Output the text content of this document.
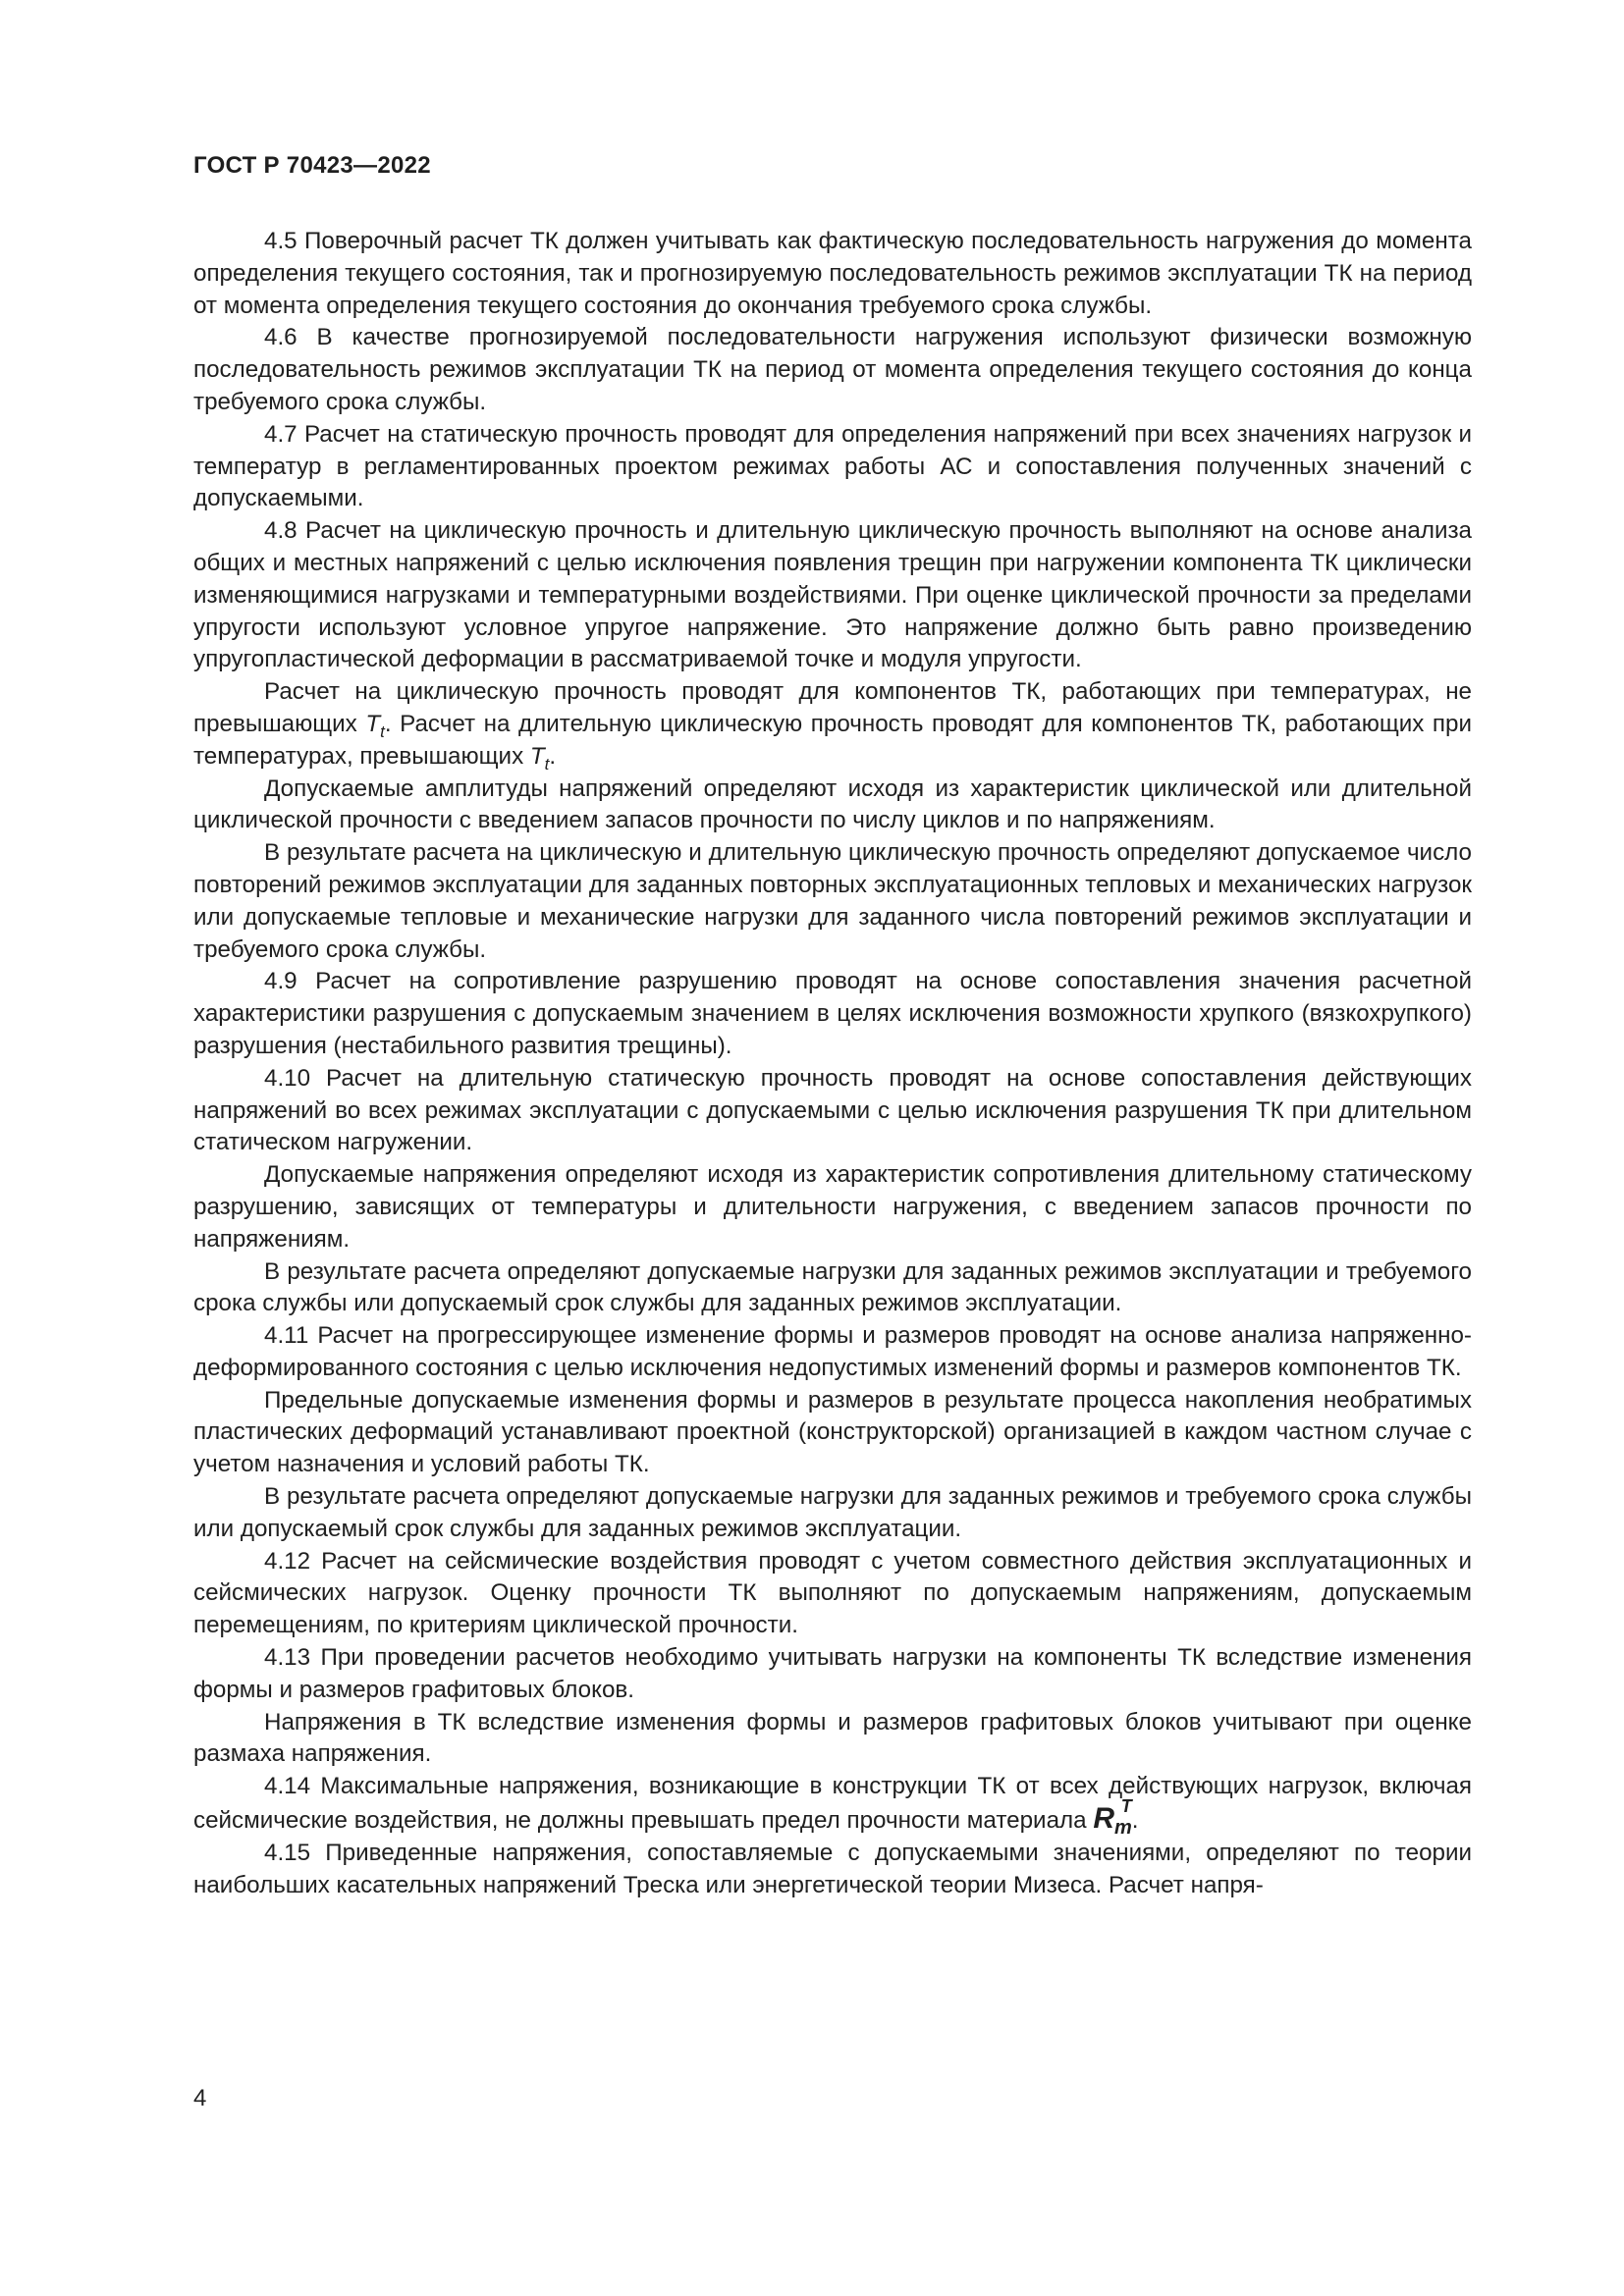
ГОСТ Р 70423—2022

4.5 Поверочный расчет ТК должен учитывать как фактическую последовательность нагружения до момента определения текущего состояния, так и прогнозируемую последовательность режимов эксплуатации ТК на период от момента определения текущего состояния до окончания требуемого срока службы.

4.6 В качестве прогнозируемой последовательности нагружения используют физически возможную последовательность режимов эксплуатации ТК на период от момента определения текущего состояния до конца требуемого срока службы.

4.7 Расчет на статическую прочность проводят для определения напряжений при всех значениях нагрузок и температур в регламентированных проектом режимах работы АС и сопоставления полученных значений с допускаемыми.

4.8 Расчет на циклическую прочность и длительную циклическую прочность выполняют на основе анализа общих и местных напряжений с целью исключения появления трещин при нагружении компонента ТК циклически изменяющимися нагрузками и температурными воздействиями. При оценке циклической прочности за пределами упругости используют условное упругое напряжение. Это напряжение должно быть равно произведению упругопластической деформации в рассматриваемой точке и модуля упругости.

Расчет на циклическую прочность проводят для компонентов ТК, работающих при температурах, не превышающих $T_t$. Расчет на длительную циклическую прочность проводят для компонентов ТК, работающих при температурах, превышающих $T_t$.

Допускаемые амплитуды напряжений определяют исходя из характеристик циклической или длительной циклической прочности с введением запасов прочности по числу циклов и по напряжениям.

В результате расчета на циклическую и длительную циклическую прочность определяют допускаемое число повторений режимов эксплуатации для заданных повторных эксплуатационных тепловых и механических нагрузок или допускаемые тепловые и механические нагрузки для заданного числа повторений режимов эксплуатации и требуемого срока службы.

4.9 Расчет на сопротивление разрушению проводят на основе сопоставления значения расчетной характеристики разрушения с допускаемым значением в целях исключения возможности хрупкого (вязкохрупкого) разрушения (нестабильного развития трещины).

4.10 Расчет на длительную статическую прочность проводят на основе сопоставления действующих напряжений во всех режимах эксплуатации с допускаемыми с целью исключения разрушения ТК при длительном статическом нагружении.

Допускаемые напряжения определяют исходя из характеристик сопротивления длительному статическому разрушению, зависящих от температуры и длительности нагружения, с введением запасов прочности по напряжениям.

В результате расчета определяют допускаемые нагрузки для заданных режимов эксплуатации и требуемого срока службы или допускаемый срок службы для заданных режимов эксплуатации.

4.11 Расчет на прогрессирующее изменение формы и размеров проводят на основе анализа напряженно-деформированного состояния с целью исключения недопустимых изменений формы и размеров компонентов ТК.

Предельные допускаемые изменения формы и размеров в результате процесса накопления необратимых пластических деформаций устанавливают проектной (конструкторской) организацией в каждом частном случае с учетом назначения и условий работы ТК.

В результате расчета определяют допускаемые нагрузки для заданных режимов и требуемого срока службы или допускаемый срок службы для заданных режимов эксплуатации.

4.12 Расчет на сейсмические воздействия проводят с учетом совместного действия эксплуатационных и сейсмических нагрузок. Оценку прочности ТК выполняют по допускаемым напряжениям, допускаемым перемещениям, по критериям циклической прочности.

4.13 При проведении расчетов необходимо учитывать нагрузки на компоненты ТК вследствие изменения формы и размеров графитовых блоков.

Напряжения в ТК вследствие изменения формы и размеров графитовых блоков учитывают при оценке размаха напряжения.

4.14 Максимальные напряжения, возникающие в конструкции ТК от всех действующих нагрузок, включая сейсмические воздействия, не должны превышать предел прочности материала $R_m^T$.

4.15 Приведенные напряжения, сопоставляемые с допускаемыми значениями, определяют по теории наибольших касательных напряжений Треска или энергетической теории Мизеса. Расчет напря-

4
